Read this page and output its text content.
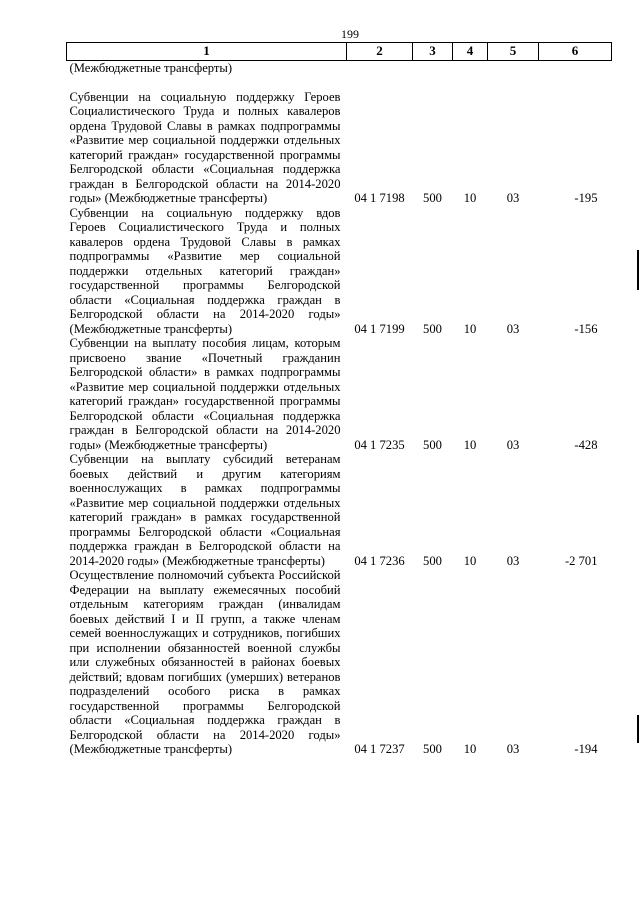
199
1	2	3	4	5	6
(Межбюджетные трансферты)					

Субвенции на социальную поддержку Героев Социалистического Труда и полных кавалеров ордена Трудовой Славы в рамках подпрограммы «Развитие мер социальной поддержки отдельных категорий граждан» государственной программы Белгородской области «Социальная поддержка граждан в Белгородской области на 2014-2020 годы» (Межбюджетные трансферты)	04 1 7198	500	10	03	-195
Субвенции на социальную поддержку вдов Героев Социалистического Труда и полных кавалеров ордена Трудовой Славы в рамках подпрограммы «Развитие мер социальной поддержки отдельных категорий граждан» государственной программы Белгородской области «Социальная поддержка граждан в Белгородской области на 2014-2020 годы» (Межбюджетные трансферты)	04 1 7199	500	10	03	-156
Субвенции на выплату пособия лицам, которым присвоено звание «Почетный гражданин Белгородской области» в рамках подпрограммы «Развитие мер социальной поддержки отдельных категорий граждан» государственной программы Белгородской области «Социальная поддержка граждан в Белгородской области на 2014-2020 годы» (Межбюджетные трансферты)	04 1 7235	500	10	03	-428
Субвенции на выплату субсидий ветеранам боевых действий и другим категориям военнослужащих в рамках подпрограммы «Развитие мер социальной поддержки отдельных категорий граждан» в рамках государственной программы Белгородской области «Социальная поддержка граждан в Белгородской области на 2014-2020 годы» (Межбюджетные трансферты)	04 1 7236	500	10	03	-2 701
Осуществление полномочий субъекта Российской Федерации на выплату ежемесячных пособий отдельным категориям граждан (инвалидам боевых действий I и II групп, а также членам семей военнослужащих и сотрудников, погибших при исполнении обязанностей военной службы или служебных обязанностей в районах боевых действий; вдовам погибших (умерших) ветеранов подразделений особого риска в рамках государственной программы Белгородской области «Социальная поддержка граждан в Белгородской области на 2014-2020 годы» (Межбюджетные трансферты)	04 1 7237	500	10	03	-194
